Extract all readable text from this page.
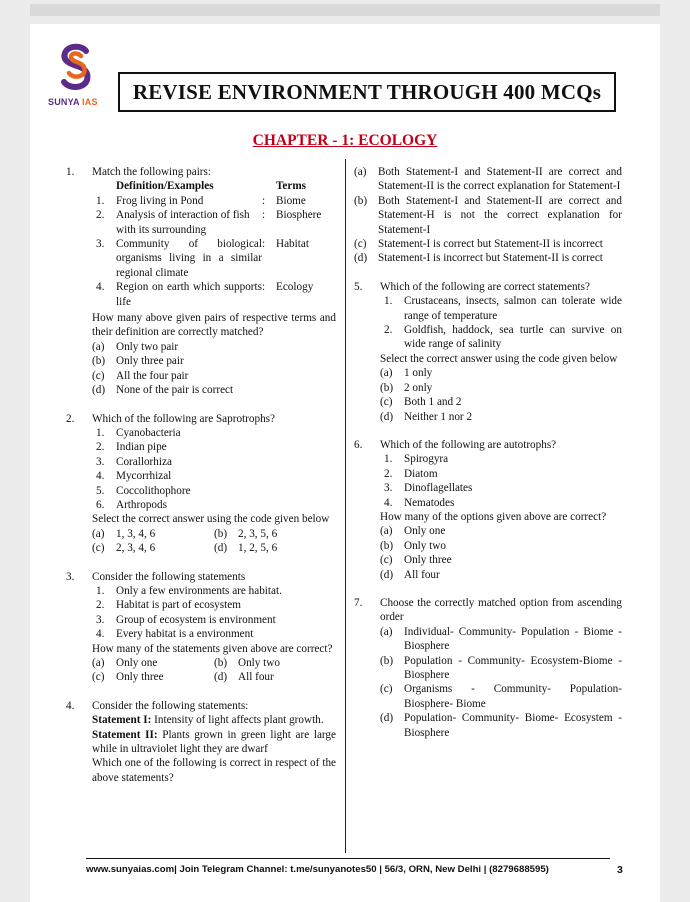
SUNYA IAS	REVISE ENVIRONMENT THROUGH 400 MCQs
CHAPTER - 1: ECOLOGY
1. Match the following pairs:
	Definition/Examples		Terms
1.	Frog living in Pond	:	Biome
2.	Analysis of interaction of fish with its surrounding	:	Biosphere
3.	Community of biological organisms living in a similar regional climate	:	Habitat
4.	Region on earth which supports life	:	Ecology
How many above given pairs of respective terms and their definition are correctly matched?
(a) Only two pair
(b) Only three pair
(c) All the four pair
(d) None of the pair is correct
2. Which of the following are Saprotrophs?
1. Cyanobacteria
2. Indian pipe
3. Corallorhiza
4. Mycorrhizal
5. Coccolithophore
6. Arthropods
Select the correct answer using the code given below
(a) 1, 3, 4, 6	(b) 2, 3, 5, 6
(c) 2, 3, 4, 6	(d) 1, 2, 5, 6
3. Consider the following statements
1. Only a few environments are habitat.
2. Habitat is part of ecosystem
3. Group of ecosystem is environment
4. Every habitat is a environment
How many of the statements given above are correct?
(a) Only one	(b) Only two
(c) Only three	(d) All four
4. Consider the following statements:
Statement I: Intensity of light affects plant growth.
Statement II: Plants grown in green light are large while in ultraviolet light they are dwarf
Which one of the following is correct in respect of the above statements?
(a) Both Statement-I and Statement-II are correct and Statement-II is the correct explanation for Statement-I
(b) Both Statement-I and Statement-II are correct and Statement-H is not the correct explanation for Statement-I
(c) Statement-I is correct but Statement-II is incorrect
(d) Statement-I is incorrect but Statement-II is correct
5. Which of the following are correct statements?
1. Crustaceans, insects, salmon can tolerate wide range of temperature
2. Goldfish, haddock, sea turtle can survive on wide range of salinity
Select the correct answer using the code given below
(a) 1 only
(b) 2 only
(c) Both 1 and 2
(d) Neither 1 nor 2
6. Which of the following are autotrophs?
1. Spirogyra
2. Diatom
3. Dinoflagellates
4. Nematodes
How many of the options given above are correct?
(a) Only one
(b) Only two
(c) Only three
(d) All four
7. Choose the correctly matched option from ascending order
(a) Individual- Community- Population - Biome - Biosphere
(b) Population - Community- Ecosystem-Biome - Biosphere
(c) Organisms - Community- Population- Biosphere- Biome
(d) Population- Community- Biome- Ecosystem - Biosphere
www.sunyaias.com| Join Telegram Channel: t.me/sunyanotes50 | 56/3, ORN, New Delhi | (8279688595)	3
